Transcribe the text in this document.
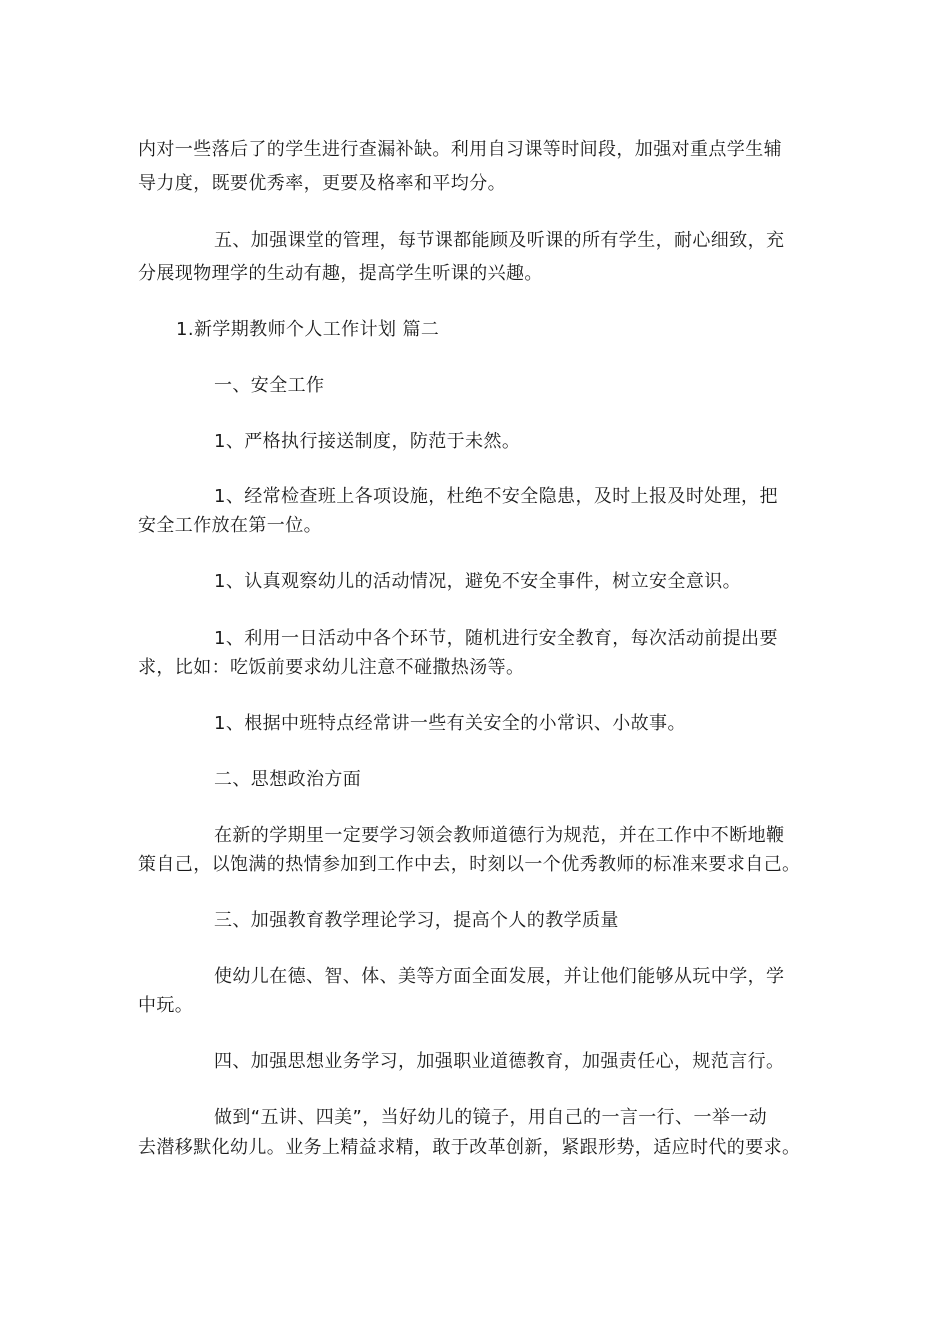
内对一些落后了的学生进行查漏补缺。利用自习课等时间段，加强对重点学生辅
导力度，既要优秀率，更要及格率和平均分。
五、加强课堂的管理，每节课都能顾及听课的所有学生，耐心细致，充
分展现物理学的生动有趣，提高学生听课的兴趣。
1.新学期教师个人工作计划 篇二
一、安全工作
1、严格执行接送制度，防范于未然。
1、经常检查班上各项设施，杜绝不安全隐患，及时上报及时处理，把
安全工作放在第一位。
1、认真观察幼儿的活动情况，避免不安全事件，树立安全意识。
1、利用一日活动中各个环节，随机进行安全教育，每次活动前提出要
求，比如：吃饭前要求幼儿注意不碰撒热汤等。
1、根据中班特点经常讲一些有关安全的小常识、小故事。
二、思想政治方面
在新的学期里一定要学习领会教师道德行为规范，并在工作中不断地鞭
策自己，以饱满的热情参加到工作中去，时刻以一个优秀教师的标准来要求自己。
三、加强教育教学理论学习，提高个人的教学质量
使幼儿在德、智、体、美等方面全面发展，并让他们能够从玩中学，学
中玩。
四、加强思想业务学习，加强职业道德教育，加强责任心，规范言行。
做到“五讲、四美”，当好幼儿的镜子，用自己的一言一行、一举一动
去潜移默化幼儿。业务上精益求精，敢于改革创新，紧跟形势，适应时代的要求。
